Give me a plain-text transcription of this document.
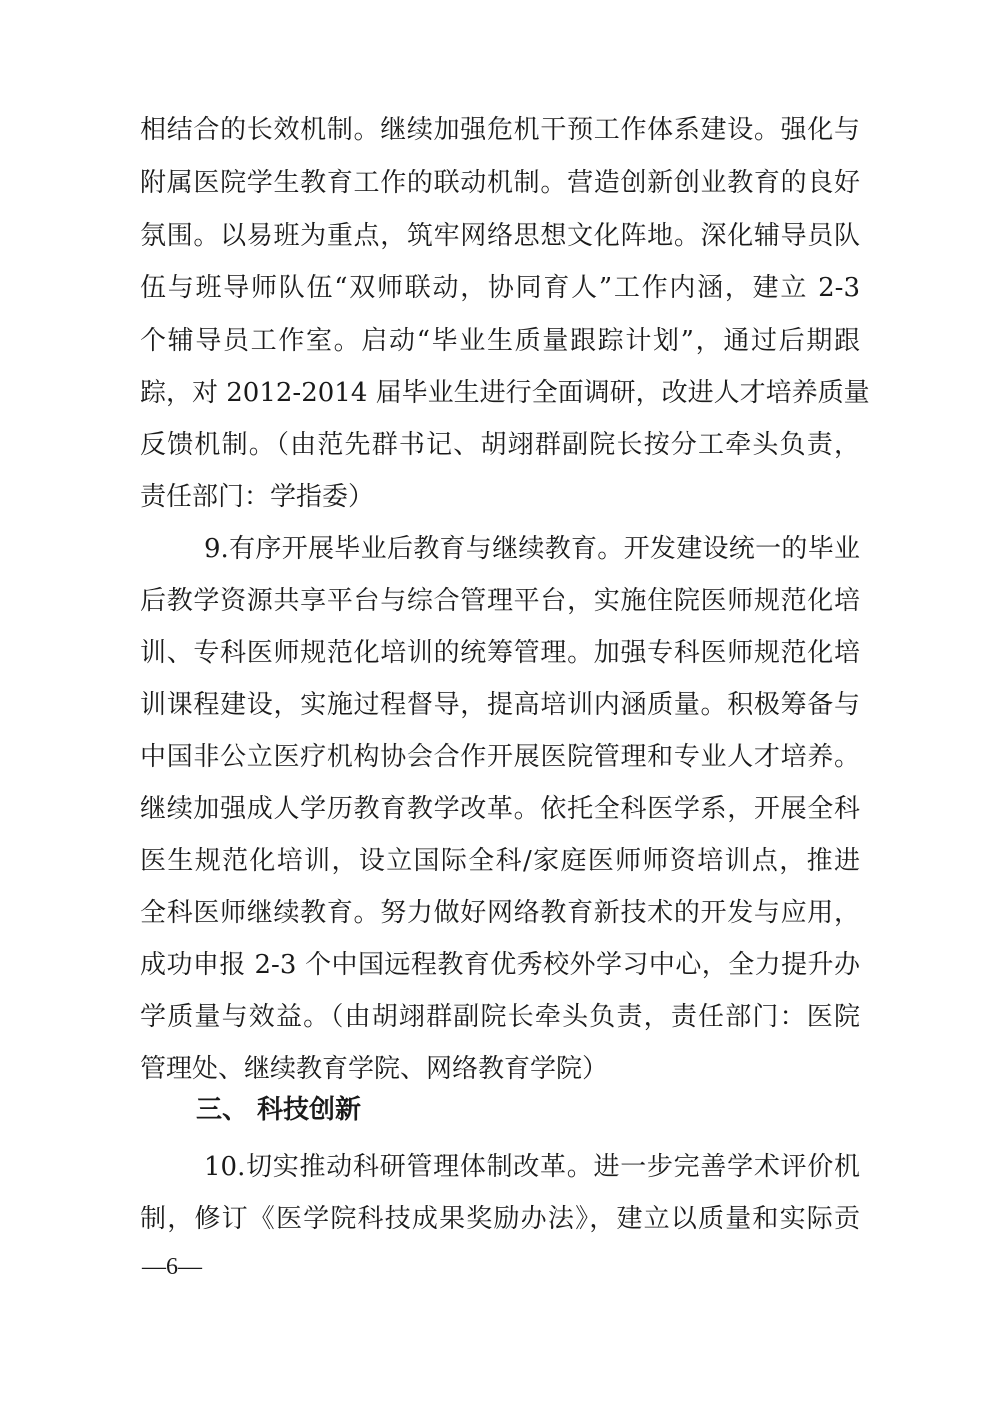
相结合的长效机制。继续加强危机干预工作体系建设。强化与
附属医院学生教育工作的联动机制。营造创新创业教育的良好
氛围。以易班为重点，筑牢网络思想文化阵地。深化辅导员队
伍与班导师队伍“双师联动，协同育人”工作内涵，建立 2-3
个辅导员工作室。启动“毕业生质量跟踪计划”，通过后期跟
踪，对 2012-2014 届毕业生进行全面调研，改进人才培养质量
反馈机制。（由范先群书记、胡翊群副院长按分工牵头负责，
责任部门：学指委）
9.有序开展毕业后教育与继续教育。开发建设统一的毕业
后教学资源共享平台与综合管理平台，实施住院医师规范化培
训、专科医师规范化培训的统筹管理。加强专科医师规范化培
训课程建设，实施过程督导，提高培训内涵质量。积极筹备与
中国非公立医疗机构协会合作开展医院管理和专业人才培养。
继续加强成人学历教育教学改革。依托全科医学系，开展全科
医生规范化培训，设立国际全科/家庭医师师资培训点，推进
全科医师继续教育。努力做好网络教育新技术的开发与应用，
成功申报 2-3 个中国远程教育优秀校外学习中心，全力提升办
学质量与效益。（由胡翊群副院长牵头负责，责任部门：医院
管理处、继续教育学院、网络教育学院）
三、 科技创新
10.切实推动科研管理体制改革。进一步完善学术评价机
制，修订《医学院科技成果奖励办法》，建立以质量和实际贡
—6—
